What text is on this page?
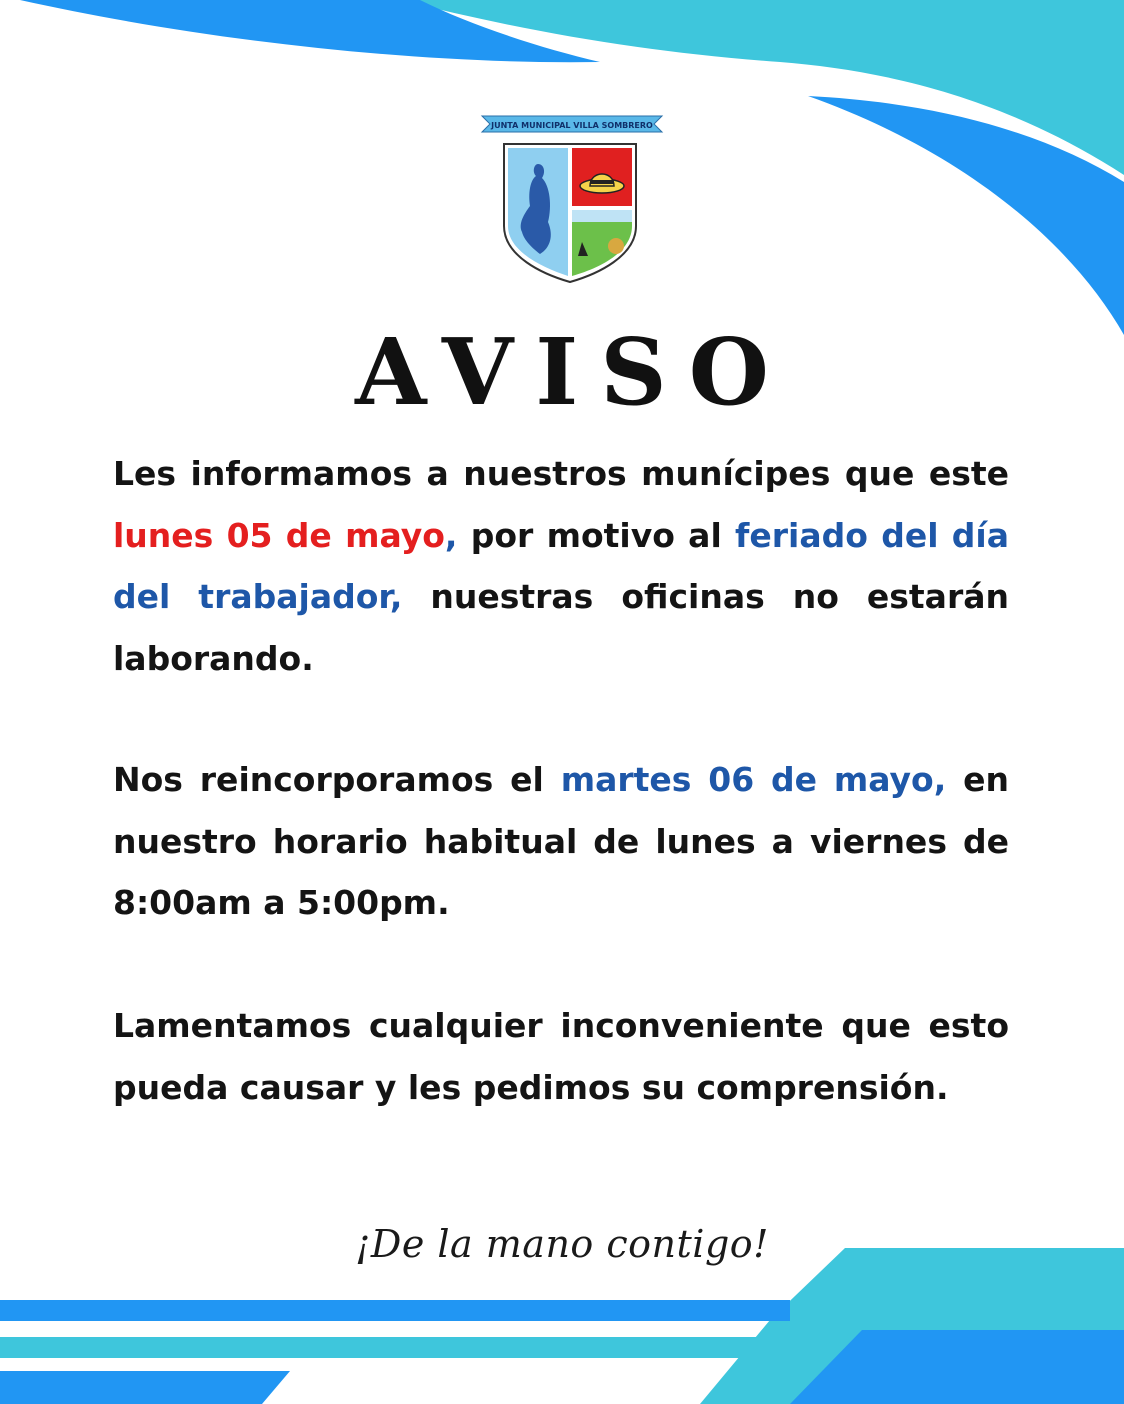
JUNTA MUNICIPAL VILLA SOMBRERO
AVISO

Les informamos a nuestros munícipes que este lunes 05 de mayo, por motivo al feriado del día del trabajador, nuestras oficinas no estarán laborando.

Nos reincorporamos el martes 06 de mayo, en nuestro horario habitual de lunes a viernes de 8:00am a 5:00pm.

Lamentamos cualquier inconveniente que esto pueda causar y les pedimos su comprensión.

¡De la mano contigo!
